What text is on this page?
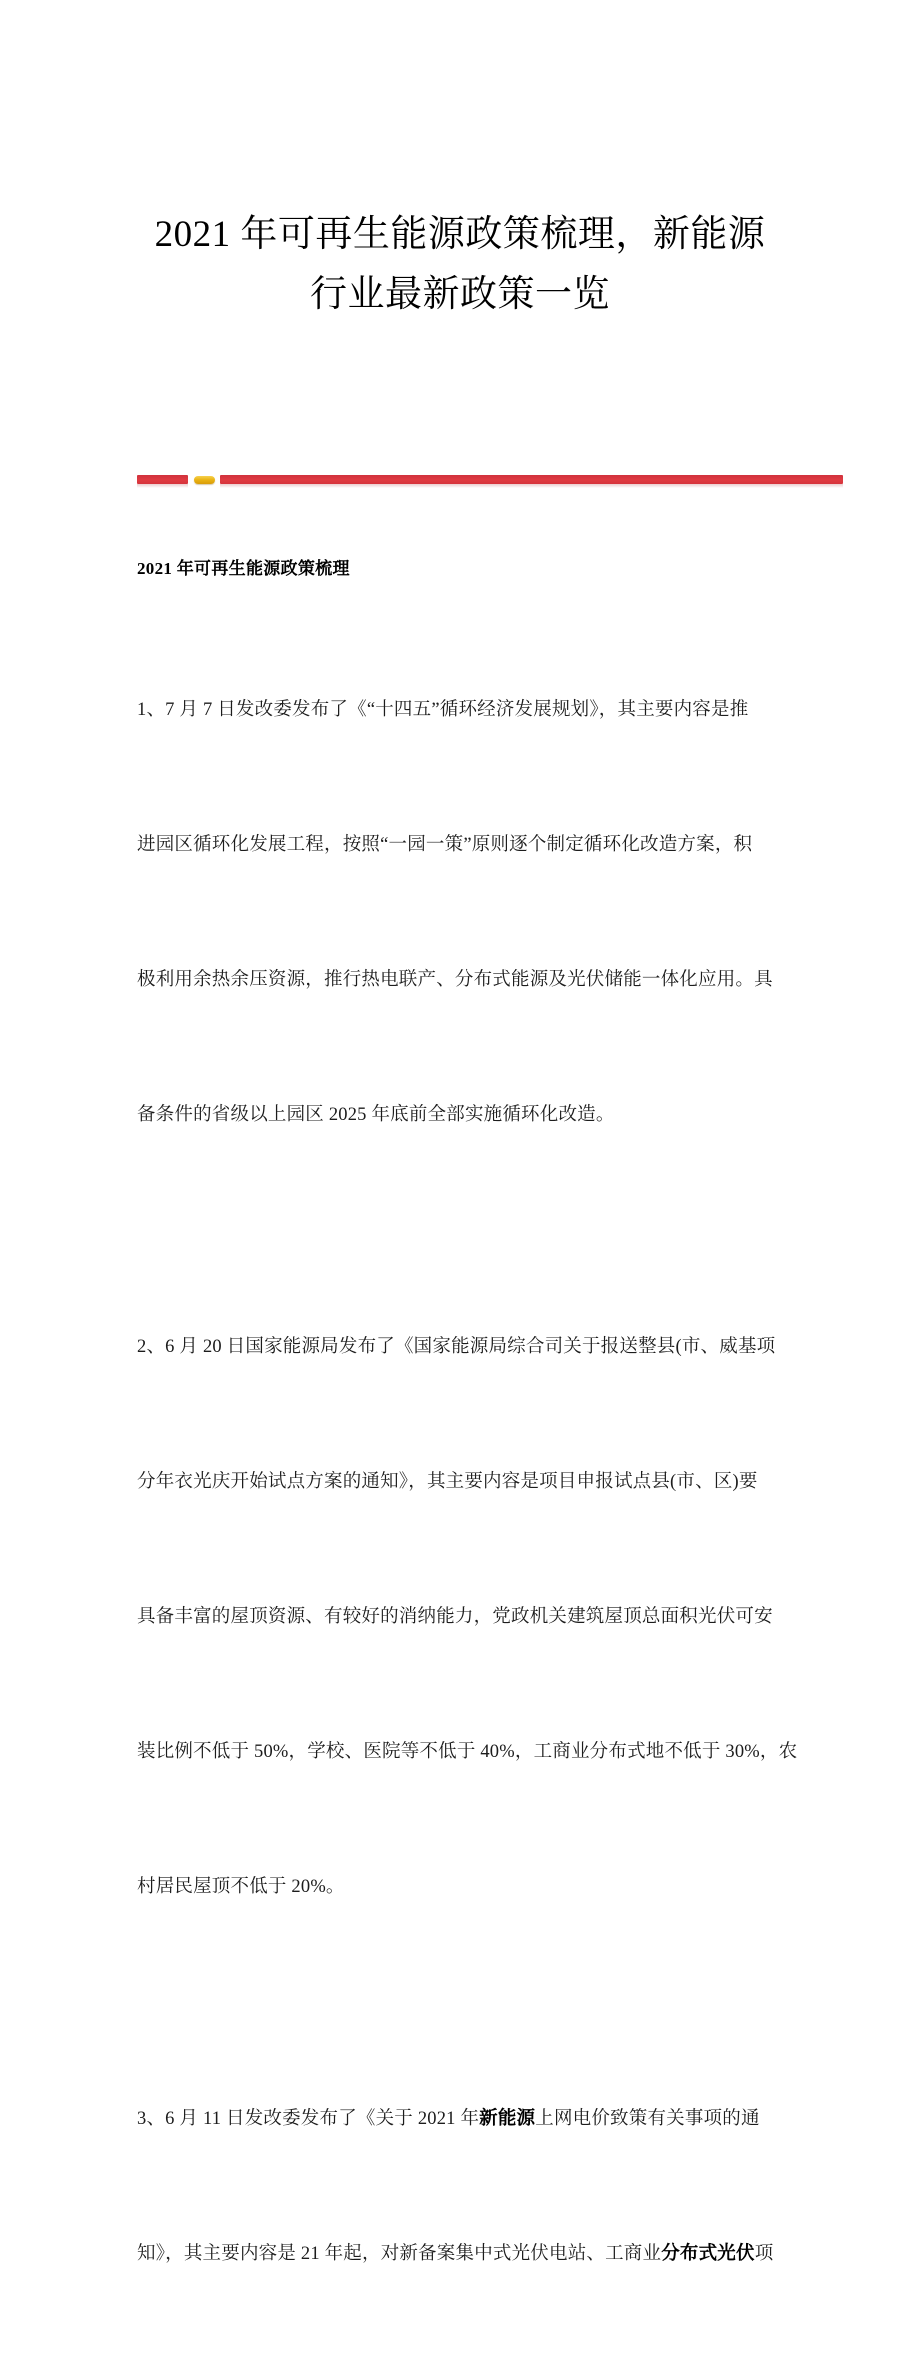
2021 年可再生能源政策梳理，新能源
行业最新政策一览

2021 年可再生能源政策梳理

1、7 月 7 日发改委发布了《“十四五”循环经济发展规划》，其主要内容是推

进园区循环化发展工程，按照“一园一策”原则逐个制定循环化改造方案，积

极利用余热余压资源，推行热电联产、分布式能源及光伏储能一体化应用。具

备条件的省级以上园区 2025 年底前全部实施循环化改造。

2、6 月 20 日国家能源局发布了《国家能源局综合司关于报送整县(市、威基项

分年衣光庆开始试点方案的通知》，其主要内容是项目申报试点县(市、区)要

具备丰富的屋顶资源、有较好的消纳能力，党政机关建筑屋顶总面积光伏可安

装比例不低于 50%，学校、医院等不低于 40%，工商业分布式地不低于 30%，农

村居民屋顶不低于 20%。

3、6 月 11 日发改委发布了《关于 2021 年新能源上网电价致策有关事项的通

知》，其主要内容是 21 年起，对新备案集中式光伏电站、工商业分布式光伏项
